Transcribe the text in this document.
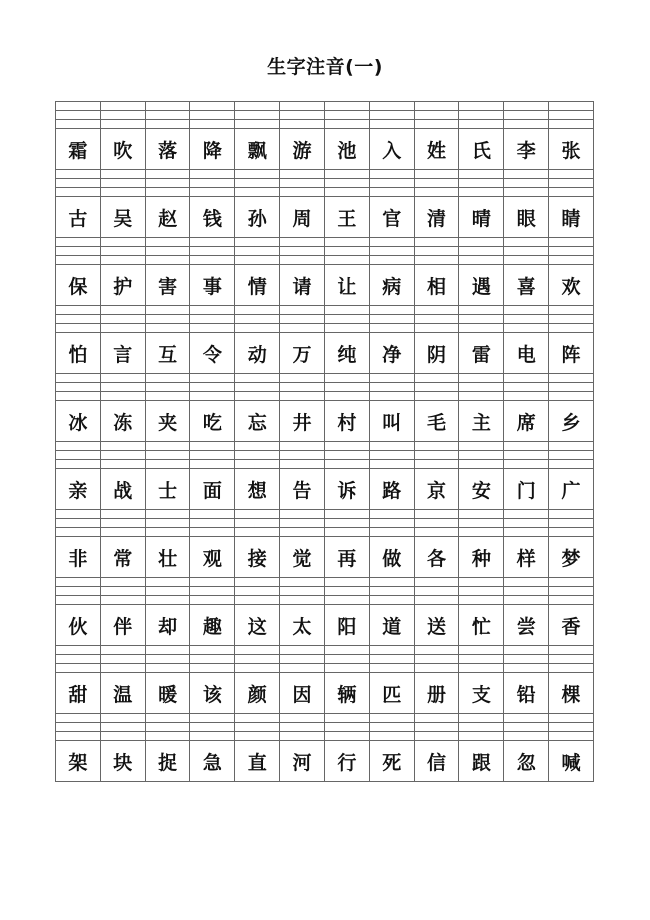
生字注音(一)
霜	吹	落	降	飘	游	池	入	姓	氏	李	张
古	吴	赵	钱	孙	周	王	官	清	晴	眼	睛
保	护	害	事	情	请	让	病	相	遇	喜	欢
怕	言	互	令	动	万	纯	净	阴	雷	电	阵
冰	冻	夹	吃	忘	井	村	叫	毛	主	席	乡
亲	战	士	面	想	告	诉	路	京	安	门	广
非	常	壮	观	接	觉	再	做	各	种	样	梦
伙	伴	却	趣	这	太	阳	道	送	忙	尝	香
甜	温	暖	该	颜	因	辆	匹	册	支	铅	棵
架	块	捉	急	直	河	行	死	信	跟	忽	喊
